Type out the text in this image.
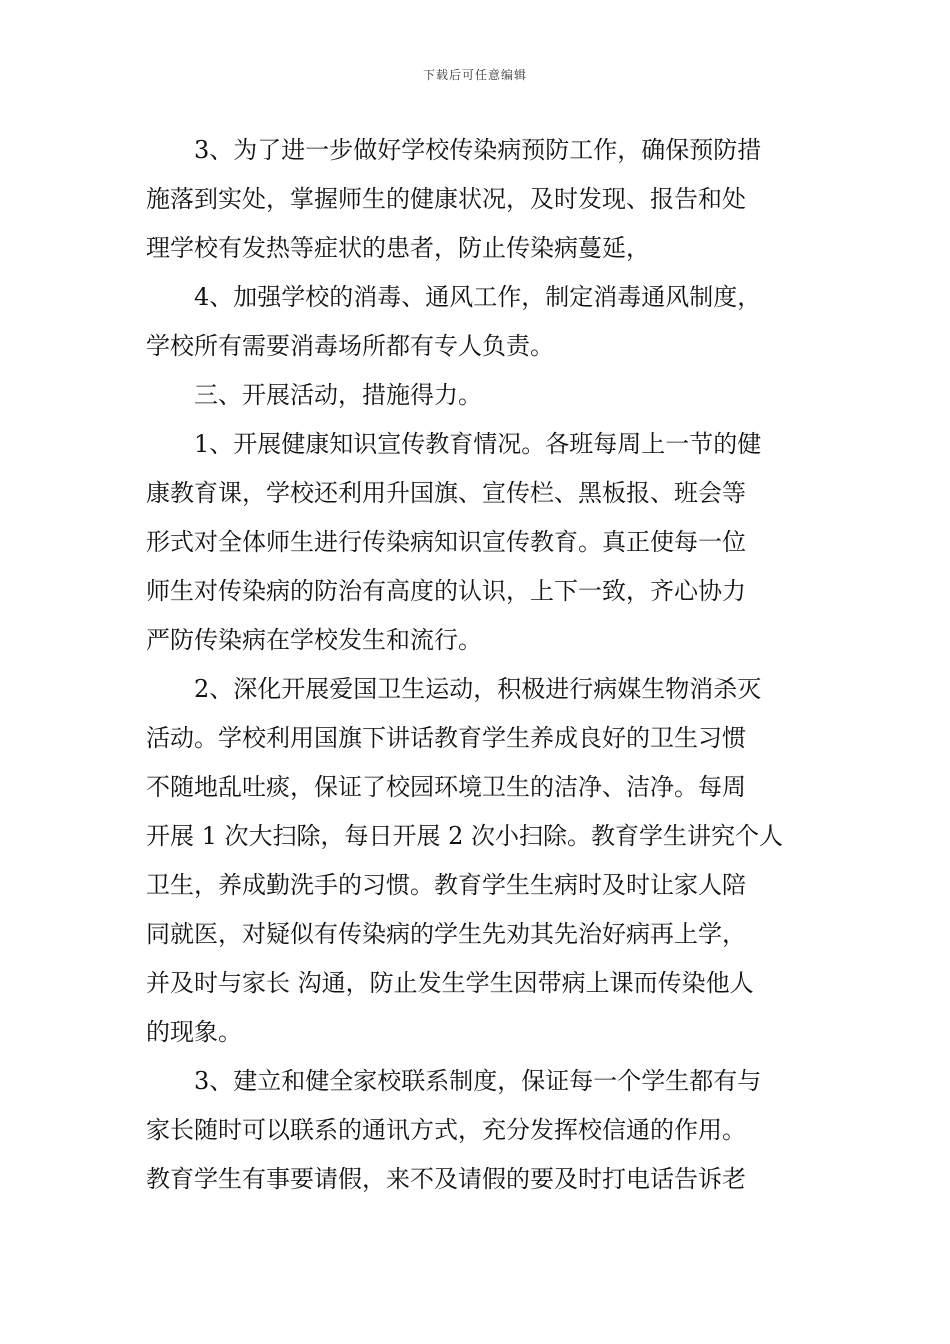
下载后可任意编辑
3、为了进一步做好学校传染病预防工作，确保预防措
施落到实处，掌握师生的健康状况，及时发现、报告和处
理学校有发热等症状的患者，防止传染病蔓延，
4、加强学校的消毒、通风工作，制定消毒通风制度，
学校所有需要消毒场所都有专人负责。
三、开展活动，措施得力。
1、开展健康知识宣传教育情况。各班每周上一节的健
康教育课，学校还利用升国旗、宣传栏、黑板报、班会等
形式对全体师生进行传染病知识宣传教育。真正使每一位
师生对传染病的防治有高度的认识，上下一致，齐心协力
严防传染病在学校发生和流行。
2、深化开展爱国卫生运动，积极进行病媒生物消杀灭
活动。学校利用国旗下讲话教育学生养成良好的卫生习惯
不随地乱吐痰，保证了校园环境卫生的洁净、洁净。每周
开展 1 次大扫除，每日开展 2 次小扫除。教育学生讲究个人
卫生，养成勤洗手的习惯。教育学生生病时及时让家人陪
同就医，对疑似有传染病的学生先劝其先治好病再上学，
并及时与家长 沟通，防止发生学生因带病上课而传染他人
的现象。
3、建立和健全家校联系制度，保证每一个学生都有与
家长随时可以联系的通讯方式，充分发挥校信通的作用。
教育学生有事要请假，来不及请假的要及时打电话告诉老
